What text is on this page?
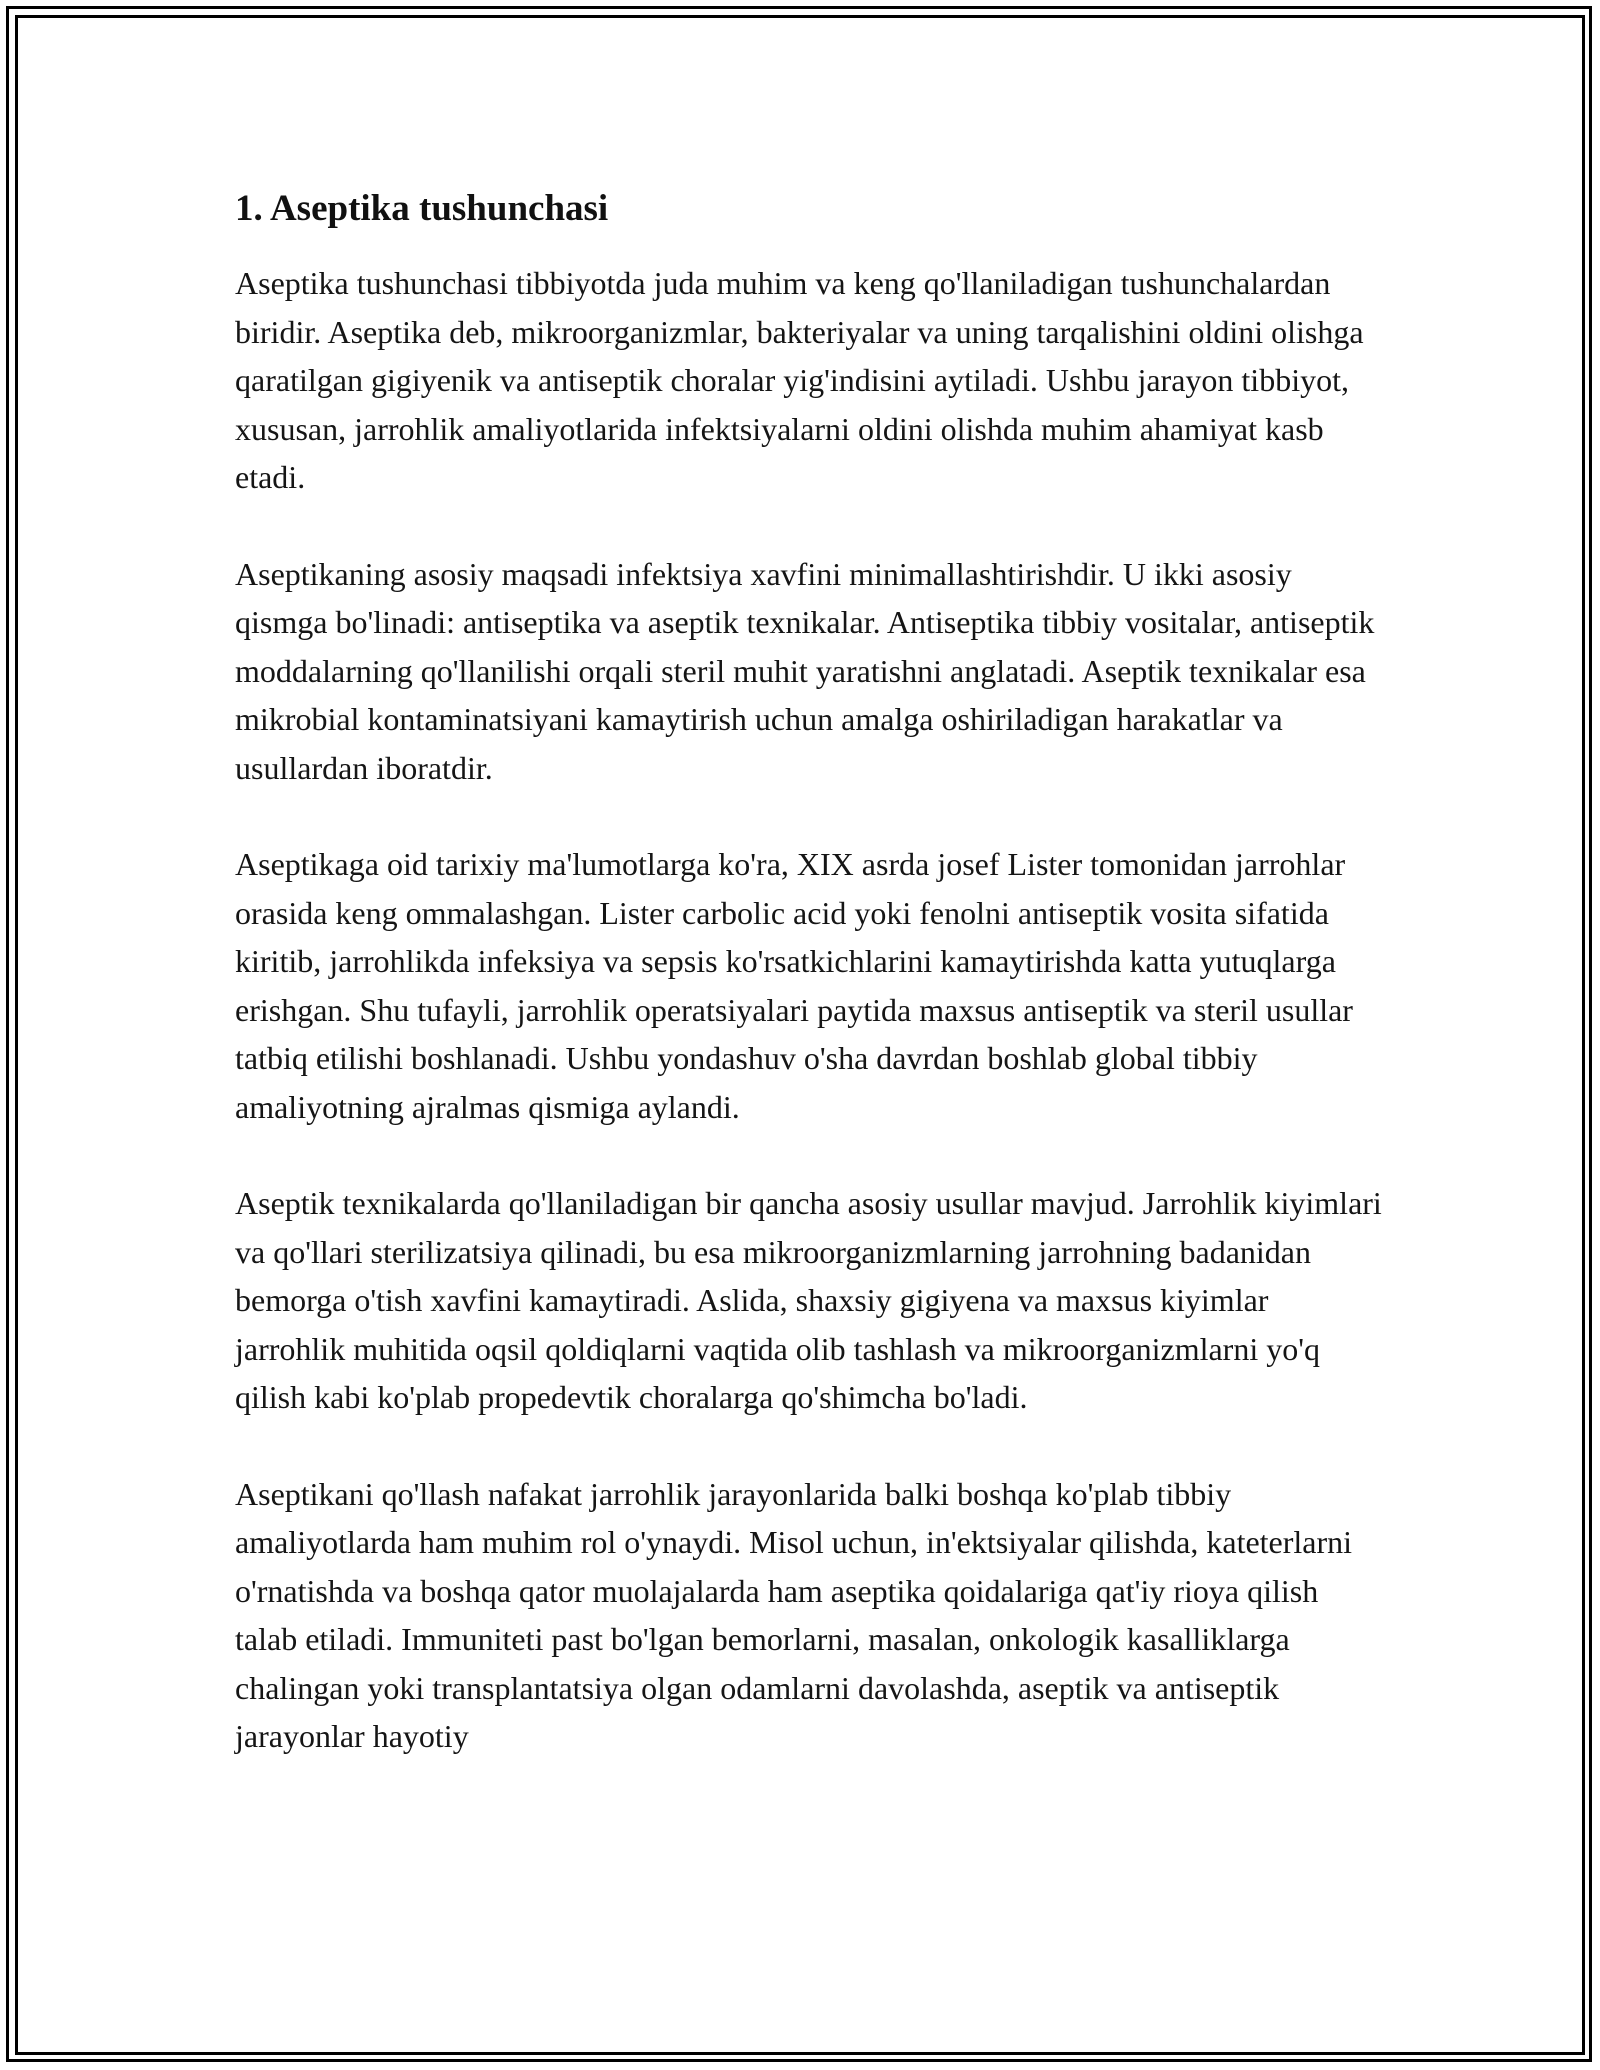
1. Aseptika tushunchasi

Aseptika tushunchasi tibbiyotda juda muhim va keng qo'llaniladigan tushunchalardan biridir. Aseptika deb, mikroorganizmlar, bakteriyalar va uning tarqalishini oldini olishga qaratilgan gigiyenik va antiseptik choralar yig'indisini aytiladi. Ushbu jarayon tibbiyot, xususan, jarrohlik amaliyotlarida infektsiyalarni oldini olishda muhim ahamiyat kasb etadi.

Aseptikaning asosiy maqsadi infektsiya xavfini minimallashtirishdir. U ikki asosiy qismga bo'linadi: antiseptika va aseptik texnikalar. Antiseptika tibbiy vositalar, antiseptik moddalarning qo'llanilishi orqali steril muhit yaratishni anglatadi. Aseptik texnikalar esa mikrobial kontaminatsiyani kamaytirish uchun amalga oshiriladigan harakatlar va usullardan iboratdir.

Aseptikaga oid tarixiy ma'lumotlarga ko'ra, XIX asrda josef Lister tomonidan jarrohlar orasida keng ommalashgan. Lister carbolic acid yoki fenolni antiseptik vosita sifatida kiritib, jarrohlikda infeksiya va sepsis ko'rsatkichlarini kamaytirishda katta yutuqlarga erishgan. Shu tufayli, jarrohlik operatsiyalari paytida maxsus antiseptik va steril usullar tatbiq etilishi boshlanadi. Ushbu yondashuv o'sha davrdan boshlab global tibbiy amaliyotning ajralmas qismiga aylandi.

Aseptik texnikalarda qo'llaniladigan bir qancha asosiy usullar mavjud. Jarrohlik kiyimlari va qo'llari sterilizatsiya qilinadi, bu esa mikroorganizmlarning jarrohning badanidan bemorga o'tish xavfini kamaytiradi. Aslida, shaxsiy gigiyena va maxsus kiyimlar jarrohlik muhitida oqsil qoldiqlarni vaqtida olib tashlash va mikroorganizmlarni yo'q qilish kabi ko'plab propedevtik choralarga qo'shimcha bo'ladi.

Aseptikani qo'llash nafakat jarrohlik jarayonlarida balki boshqa ko'plab tibbiy amaliyotlarda ham muhim rol o'ynaydi. Misol uchun, in'ektsiyalar qilishda, kateterlarni o'rnatishda va boshqa qator muolajalarda ham aseptika qoidalariga qat'iy rioya qilish talab etiladi. Immuniteti past bo'lgan bemorlarni, masalan, onkologik kasalliklarga chalingan yoki transplantatsiya olgan odamlarni davolashda, aseptik va antiseptik jarayonlar hayotiy
